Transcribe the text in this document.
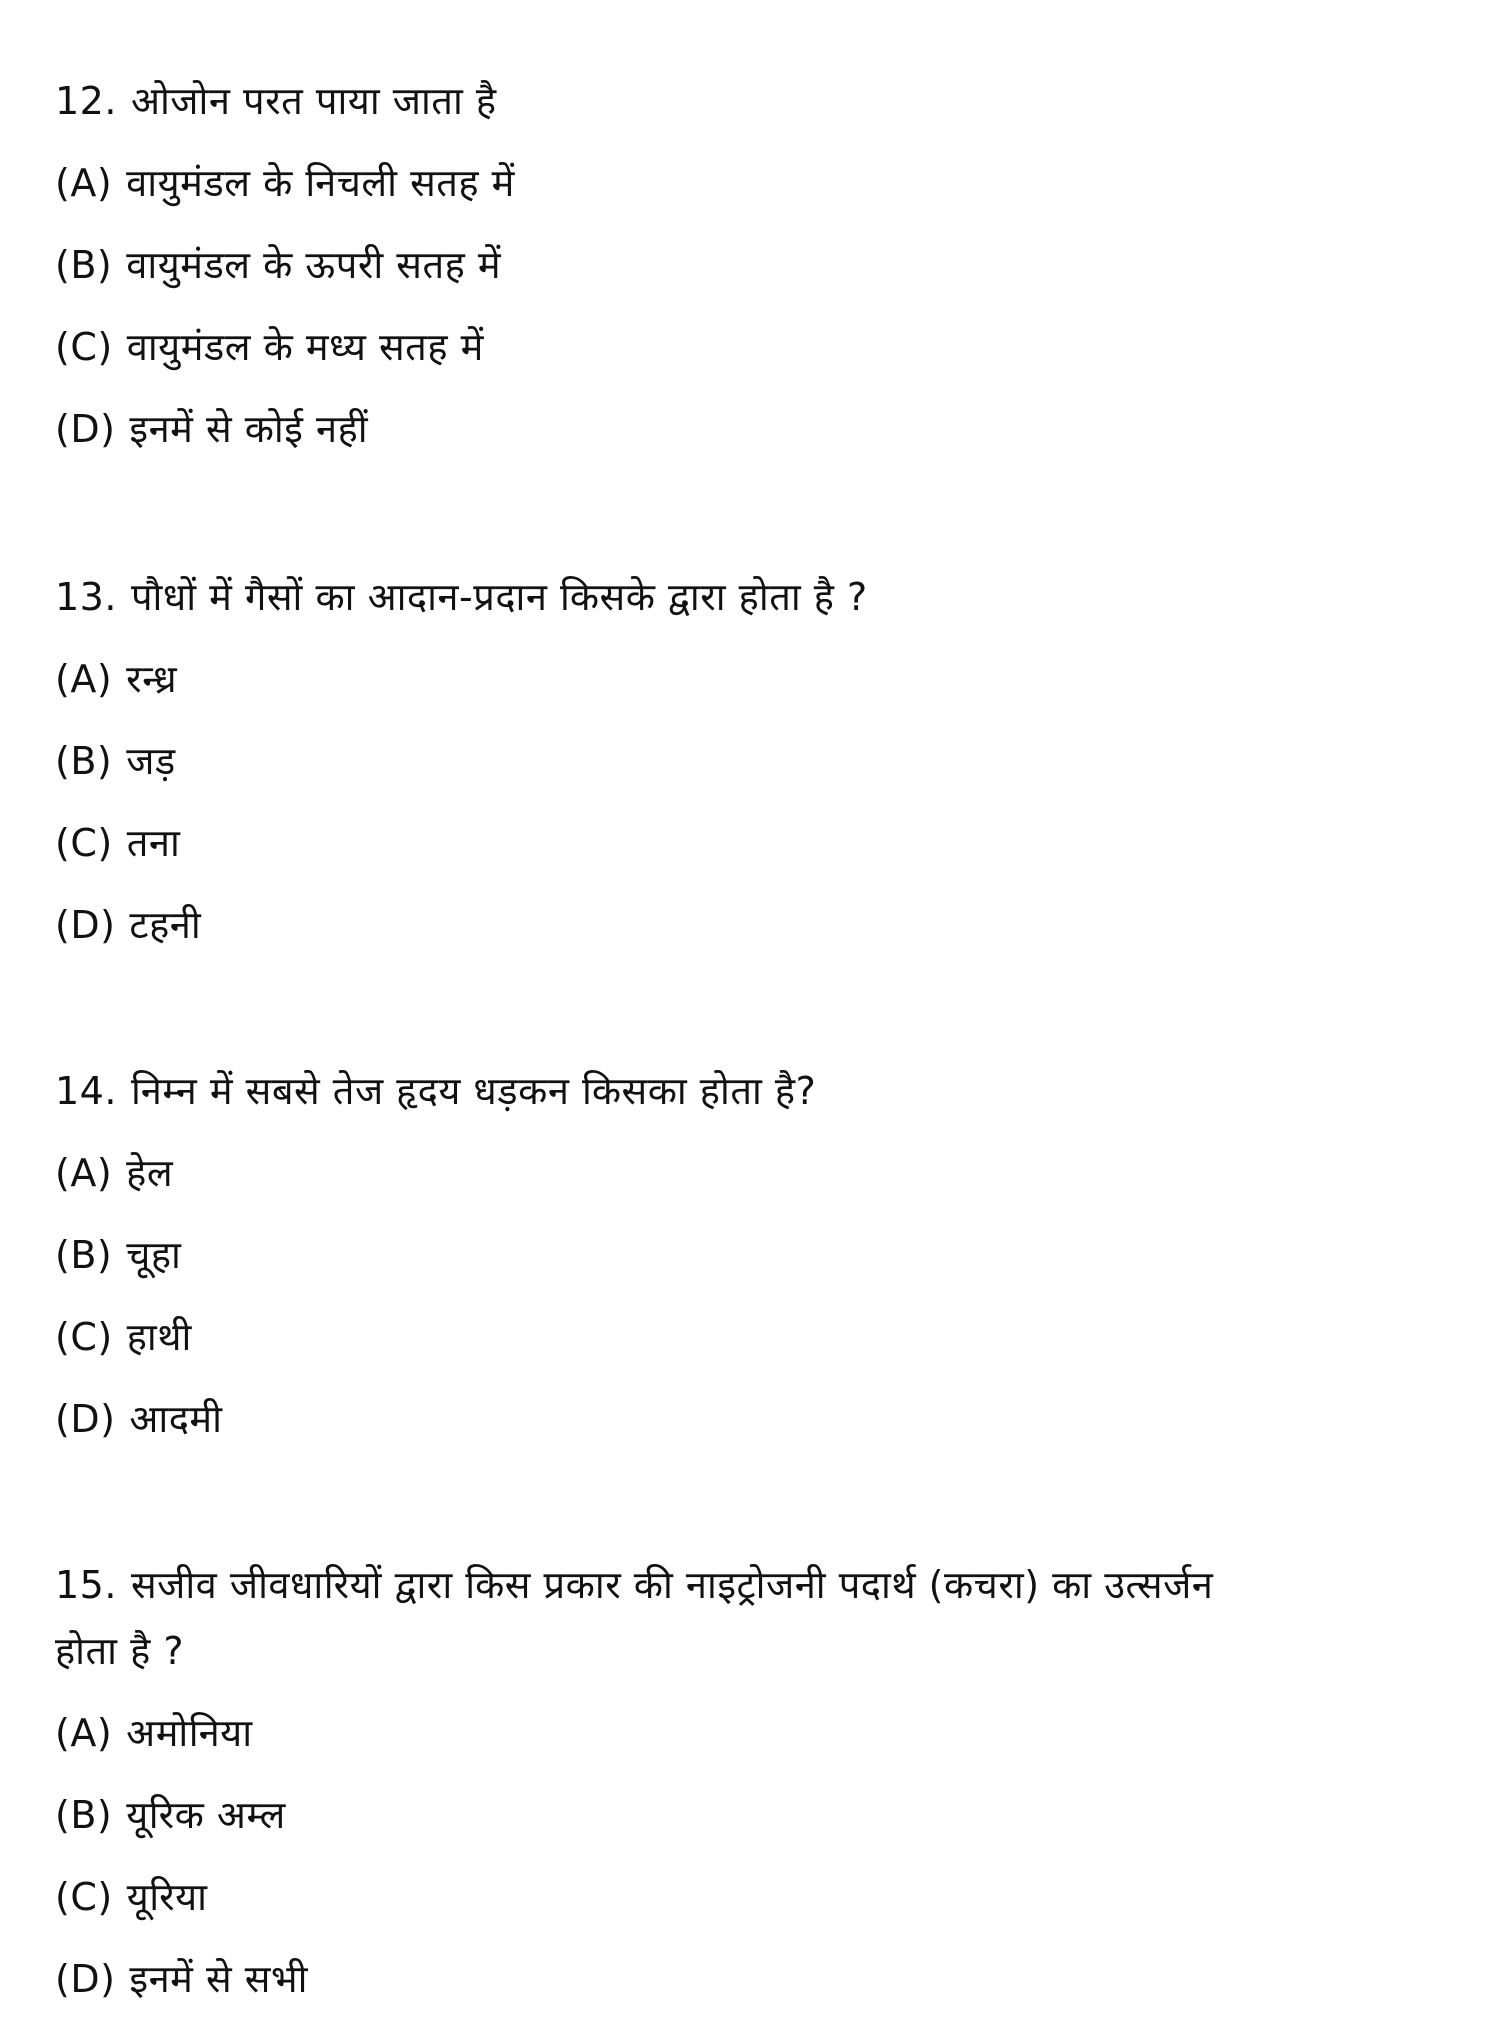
12. ओजोन परत पाया जाता है
(A) वायुमंडल के निचली सतह में
(B) वायुमंडल के ऊपरी सतह में
(C) वायुमंडल के मध्य सतह में
(D) इनमें से कोई नहीं
13. पौधों में गैसों का आदान-प्रदान किसके द्वारा होता है ?
(A) रन्ध्र
(B) जड़
(C) तना
(D) टहनी
14. निम्न में सबसे तेज हृदय धड़कन किसका होता है?
(A) हेल
(B) चूहा
(C) हाथी
(D) आदमी
15. सजीव जीवधारियों द्वारा किस प्रकार की नाइट्रोजनी पदार्थ (कचरा) का उत्सर्जन
होता है ?
(A) अमोनिया
(B) यूरिक अम्ल
(C) यूरिया
(D) इनमें से सभी
